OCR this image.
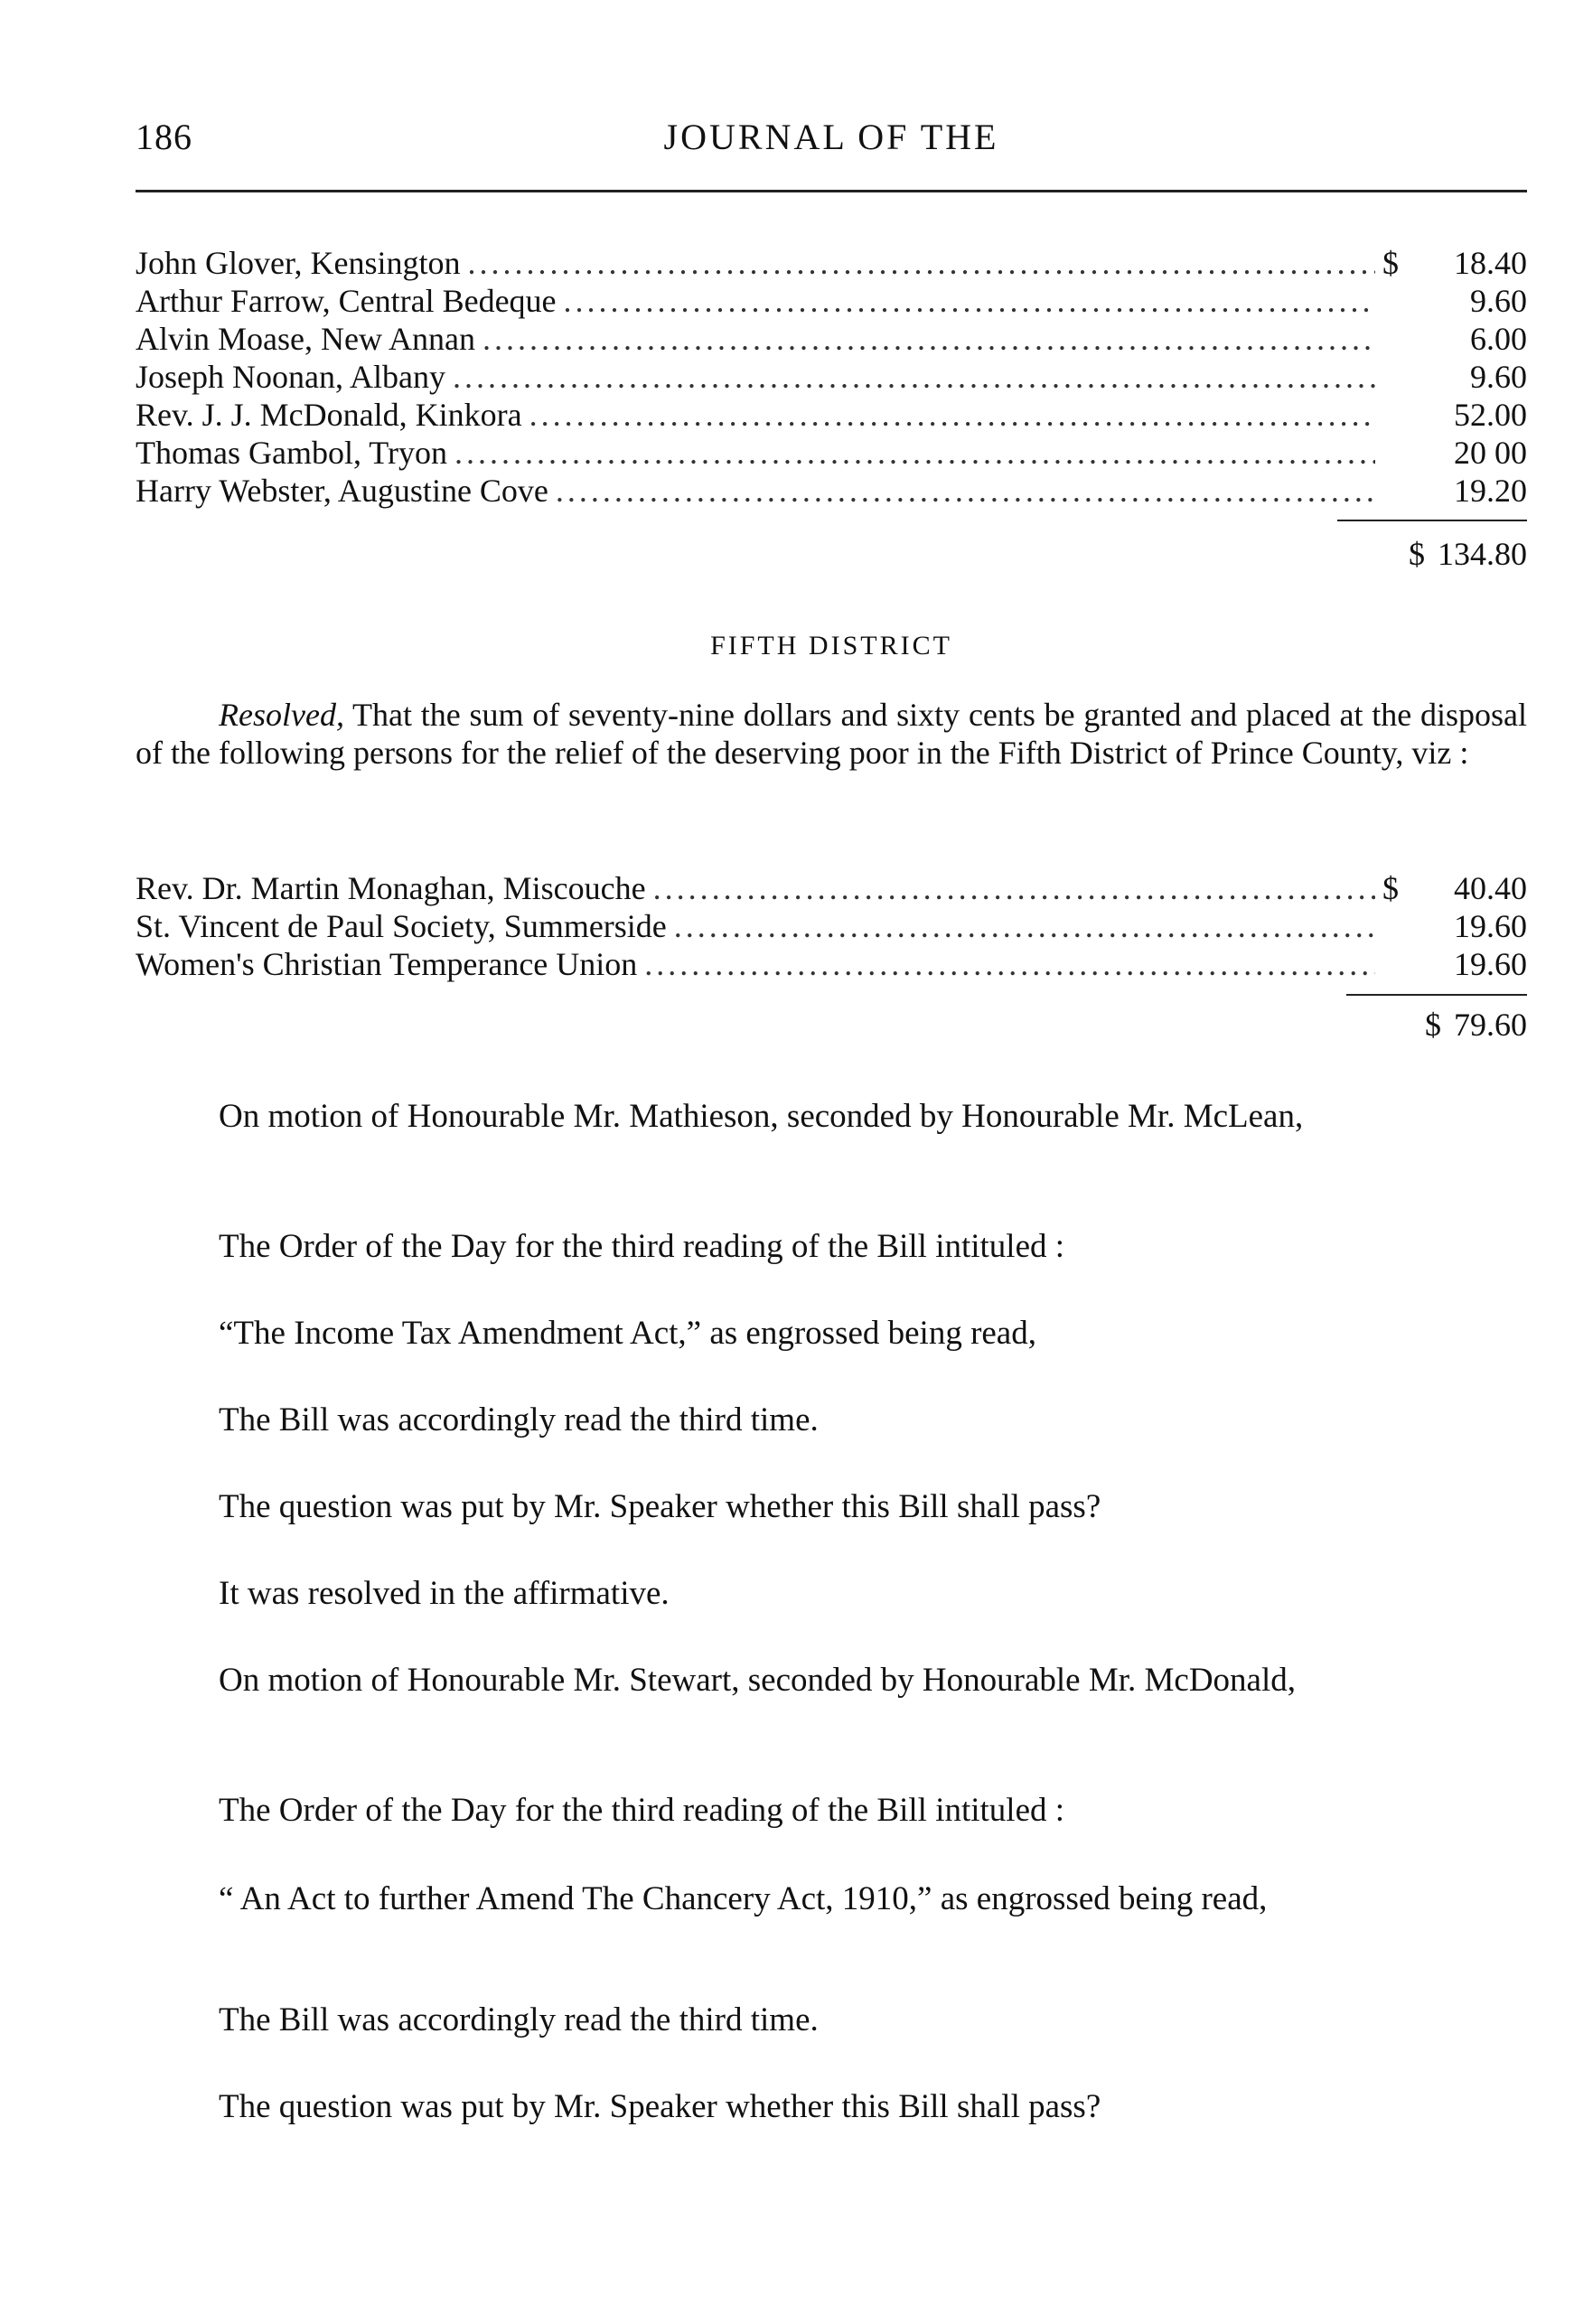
186	JOURNAL OF THE
John Glover, Kensington .....	$	18.40
Arthur Farrow, Central Bedeque .....	9.60
Alvin Moase, New Annan .....	6.00
Joseph Noonan, Albany .....	9.60
Rev. J. J. McDonald, Kinkora .....	52.00
Thomas Gambol, Tryon .....	20 00
Harry Webster, Augustine Cove .....	19.20
$ 134.80
FIFTH DISTRICT
Resolved, That the sum of seventy-nine dollars and sixty cents be granted and placed at the disposal of the following persons for the relief of the deserving poor in the Fifth District of Prince County, viz :
Rev. Dr. Martin Monaghan, Miscouche .....	$	40.40
St. Vincent de Paul Society, Summerside .....	19.60
Women's Christian Temperance Union .....	19.60
$ 79.60
On motion of Honourable Mr. Mathieson, seconded by Honourable Mr. McLean,
The Order of the Day for the third reading of the Bill intituled :
“The Income Tax Amendment Act,” as engrossed being read,
The Bill was accordingly read the third time.
The question was put by Mr. Speaker whether this Bill shall pass?
It was resolved in the affirmative.
On motion of Honourable Mr. Stewart, seconded by Honourable Mr. McDonald,
The Order of the Day for the third reading of the Bill intituled :
“ An Act to further Amend The Chancery Act, 1910,” as engrossed being read,
The Bill was accordingly read the third time.
The question was put by Mr. Speaker whether this Bill shall pass?
